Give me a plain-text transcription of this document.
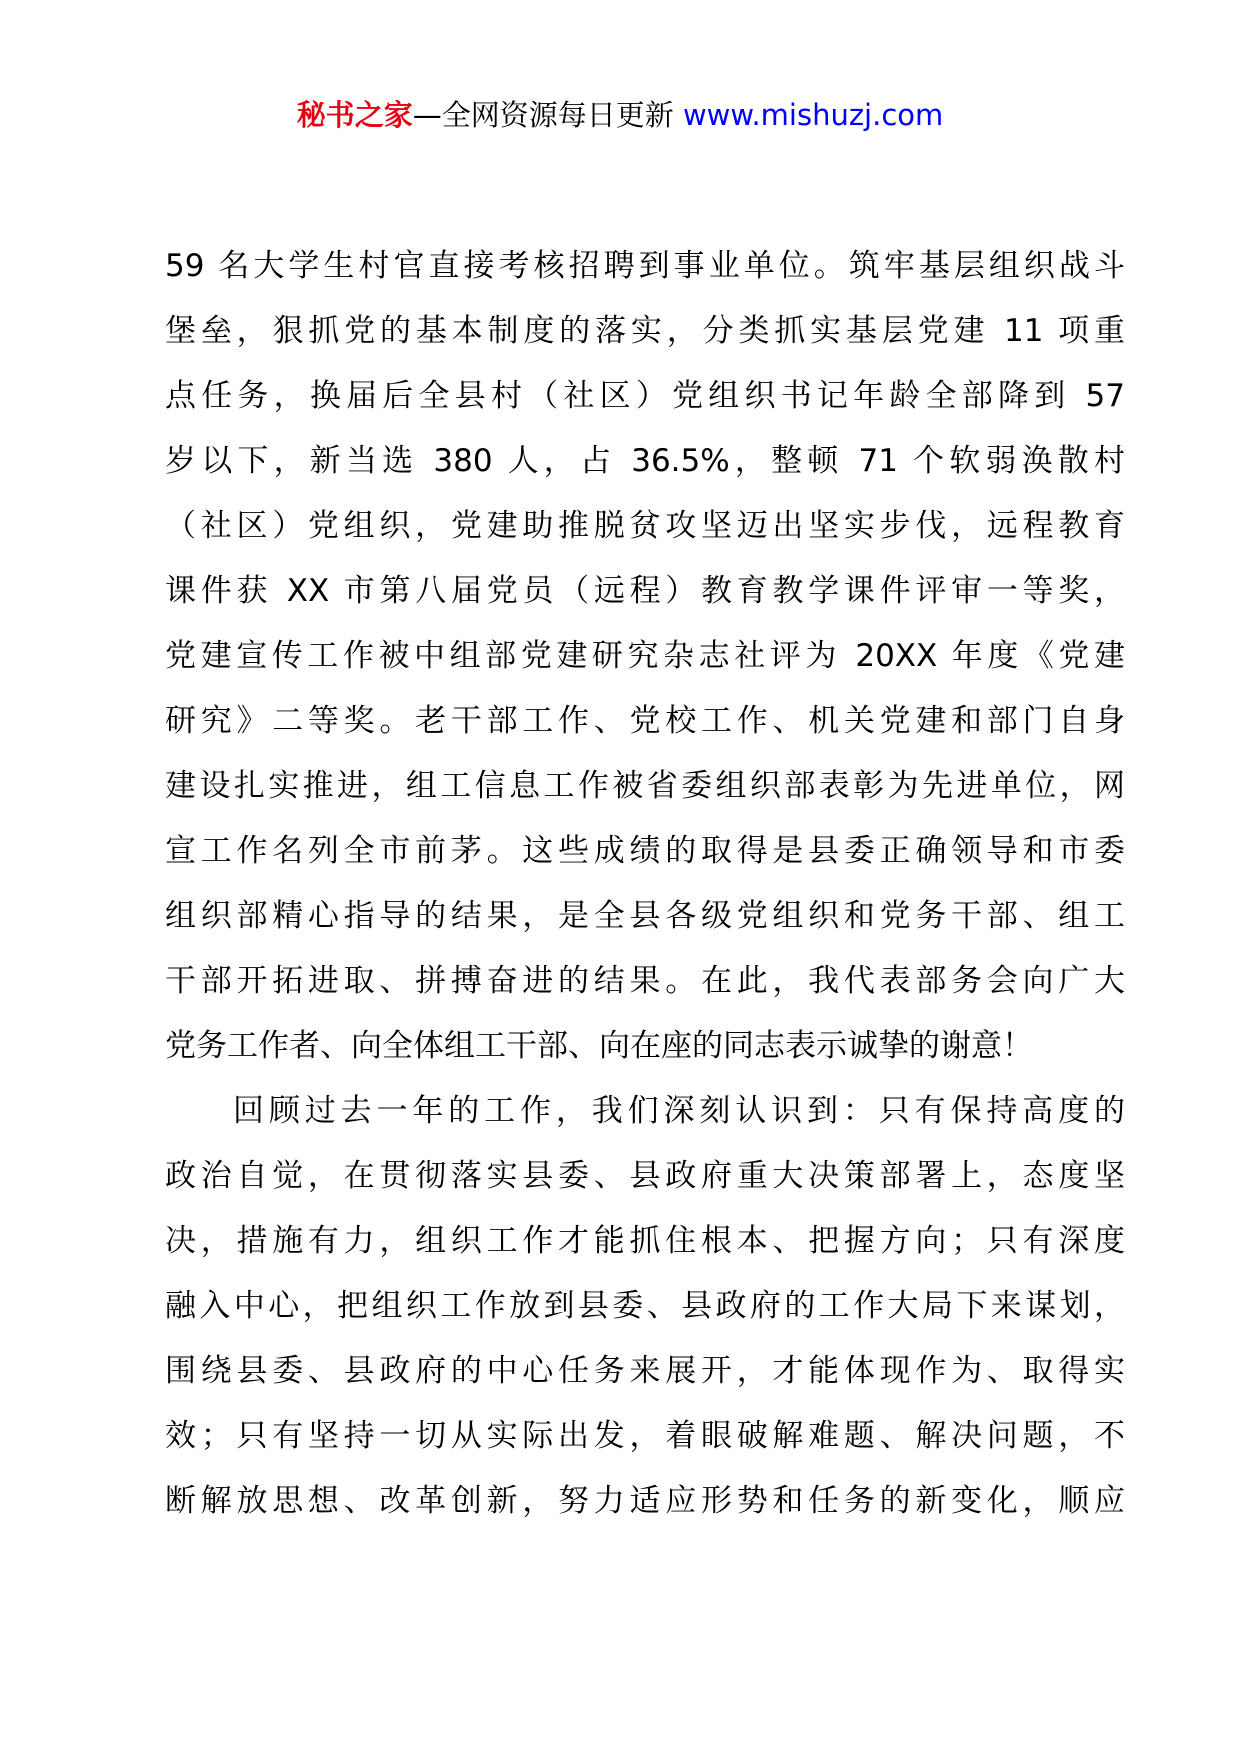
秘书之家—全网资源每日更新 www.mishuzj.com
59 名大学生村官直接考核招聘到事业单位。筑牢基层组织战斗
堡垒，狠抓党的基本制度的落实，分类抓实基层党建 11 项重
点任务，换届后全县村（社区）党组织书记年龄全部降到 57
岁以下，新当选 380 人，占 36.5%，整顿 71 个软弱涣散村
（社区）党组织，党建助推脱贫攻坚迈出坚实步伐，远程教育
课件获 XX 市第八届党员（远程）教育教学课件评审一等奖，
党建宣传工作被中组部党建研究杂志社评为 20XX 年度《党建
研究》二等奖。老干部工作、党校工作、机关党建和部门自身
建设扎实推进，组工信息工作被省委组织部表彰为先进单位，网
宣工作名列全市前茅。这些成绩的取得是县委正确领导和市委
组织部精心指导的结果，是全县各级党组织和党务干部、组工
干部开拓进取、拼搏奋进的结果。在此，我代表部务会向广大
党务工作者、向全体组工干部、向在座的同志表示诚挚的谢意！
回顾过去一年的工作，我们深刻认识到：只有保持高度的
政治自觉，在贯彻落实县委、县政府重大决策部署上，态度坚
决，措施有力，组织工作才能抓住根本、把握方向；只有深度
融入中心，把组织工作放到县委、县政府的工作大局下来谋划，
围绕县委、县政府的中心任务来展开，才能体现作为、取得实
效；只有坚持一切从实际出发，着眼破解难题、解决问题，不
断解放思想、改革创新，努力适应形势和任务的新变化，顺应
